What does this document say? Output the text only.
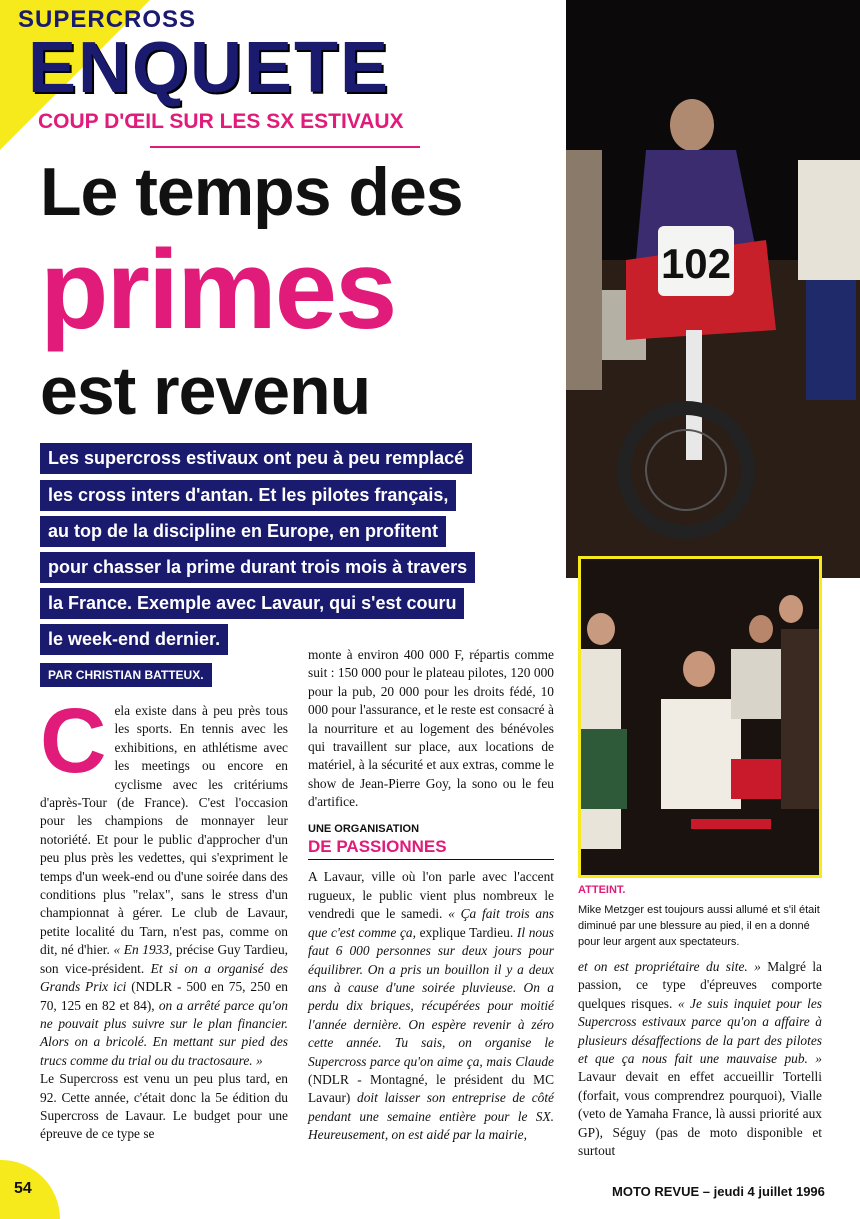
SUPERCROSS
ENQUETE
COUP D'ŒIL SUR LES SX ESTIVAUX
Le temps des
primes
est revenu
Les supercross estivaux ont peu à peu remplacé
les cross inters d'antan. Et les pilotes français,
au top de la discipline en Europe, en profitent
pour chasser la prime durant trois mois à travers
la France. Exemple avec Lavaur, qui s'est couru
le week-end dernier.
PAR CHRISTIAN BATTEUX.

Cela existe dans à peu près tous les sports. En tennis avec les exhibitions, en athlétisme avec les meetings ou encore en cyclisme avec les critériums d'après-Tour (de France). C'est l'occasion pour les champions de monnayer leur notoriété. Et pour le public d'approcher d'un peu plus près les vedettes, qui s'expriment le temps d'un week-end ou d'une soirée dans des conditions plus "relax", sans le stress d'un championnat à gérer. Le club de Lavaur, petite localité du Tarn, n'est pas, comme on dit, né d'hier. « En 1933, précise Guy Tardieu, son vice-président. Et si on a organisé des Grands Prix ici (NDLR - 500 en 75, 250 en 70, 125 en 82 et 84), on a arrêté parce qu'on ne pouvait plus suivre sur le plan financier. Alors on a bricolé. En mettant sur pied des trucs comme du trial ou du tractosaure. »

Le Supercross est venu un peu plus tard, en 92. Cette année, c'était donc la 5e édition du Supercross de Lavaur. Le budget pour une épreuve de ce type se

monte à environ 400 000 F, répartis comme suit : 150 000 pour le plateau pilotes, 120 000 pour la pub, 20 000 pour les droits fédé, 10 000 pour l'assurance, et le reste est consacré à la nourriture et au logement des bénévoles qui travaillent sur place, aux locations de matériel, à la sécurité et aux extras, comme le show de Jean-Pierre Goy, la sono ou le feu d'artifice.

UNE ORGANISATION
DE PASSIONNES

A Lavaur, ville où l'on parle avec l'accent rugueux, le public vient plus nombreux le vendredi que le samedi. « Ça fait trois ans que c'est comme ça, explique Tardieu. Il nous faut 6 000 personnes sur deux jours pour équilibrer. On a pris un bouillon il y a deux ans à cause d'une soirée pluvieuse. On a perdu dix briques, récupérées pour moitié l'année dernière. On espère revenir à zéro cette année. Tu sais, on organise le Supercross parce qu'on aime ça, mais Claude (NDLR - Montagné, le président du MC Lavaur) doit laisser son entreprise de côté pendant une semaine entière pour le SX. Heureusement, on est aidé par la mairie,

et on est propriétaire du site. » Malgré la passion, ce type d'épreuves comporte quelques risques. « Je suis inquiet pour les Supercross estivaux parce qu'on a affaire à plusieurs désaffections de la part des pilotes et que ça nous fait une mauvaise pub. » Lavaur devait en effet accueillir Tortelli (forfait, vous comprendrez pourquoi), Vialle (veto de Yamaha France, là aussi priorité aux GP), Séguy (pas de moto disponible et surtout

102
ATTEINT.
Mike Metzger est toujours aussi allumé et s'il était diminué par une blessure au pied, il en a donné pour leur argent aux spectateurs.
54	MOTO REVUE – jeudi 4 juillet 1996
